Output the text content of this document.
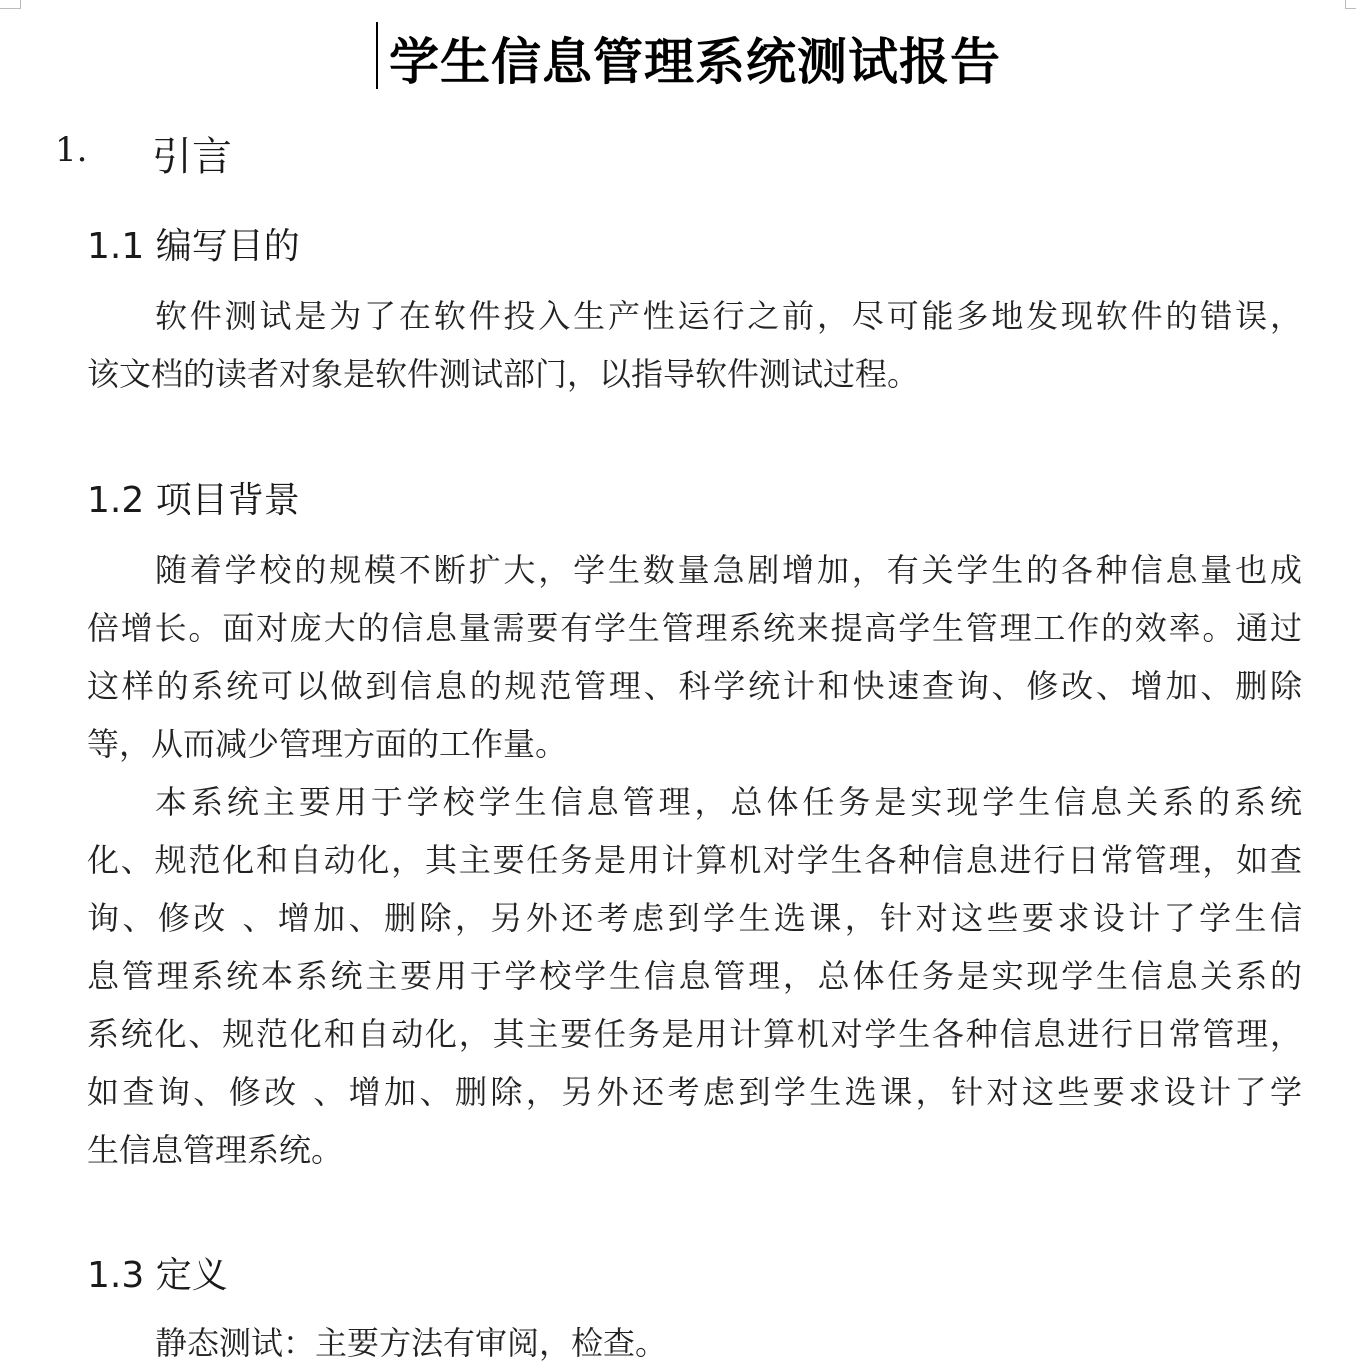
学生信息管理系统测试报告
1. 引言
1.1 编写目的
软件测试是为了在软件投入生产性运行之前，尽可能多地发现软件的错误，
该文档的读者对象是软件测试部门，以指导软件测试过程。
1.2 项目背景
随着学校的规模不断扩大，学生数量急剧增加，有关学生的各种信息量也成
倍增长。面对庞大的信息量需要有学生管理系统来提高学生管理工作的效率。通过
这样的系统可以做到信息的规范管理、科学统计和快速查询、修改、增加、删除
等，从而减少管理方面的工作量。
本系统主要用于学校学生信息管理，总体任务是实现学生信息关系的系统
化、规范化和自动化，其主要任务是用计算机对学生各种信息进行日常管理，如查
询、修改 、增加、删除，另外还考虑到学生选课，针对这些要求设计了学生信
息管理系统本系统主要用于学校学生信息管理，总体任务是实现学生信息关系的
系统化、规范化和自动化，其主要任务是用计算机对学生各种信息进行日常管理，
如查询、修改 、增加、删除，另外还考虑到学生选课，针对这些要求设计了学
生信息管理系统。
1.3 定义
静态测试：主要方法有审阅，检查。
